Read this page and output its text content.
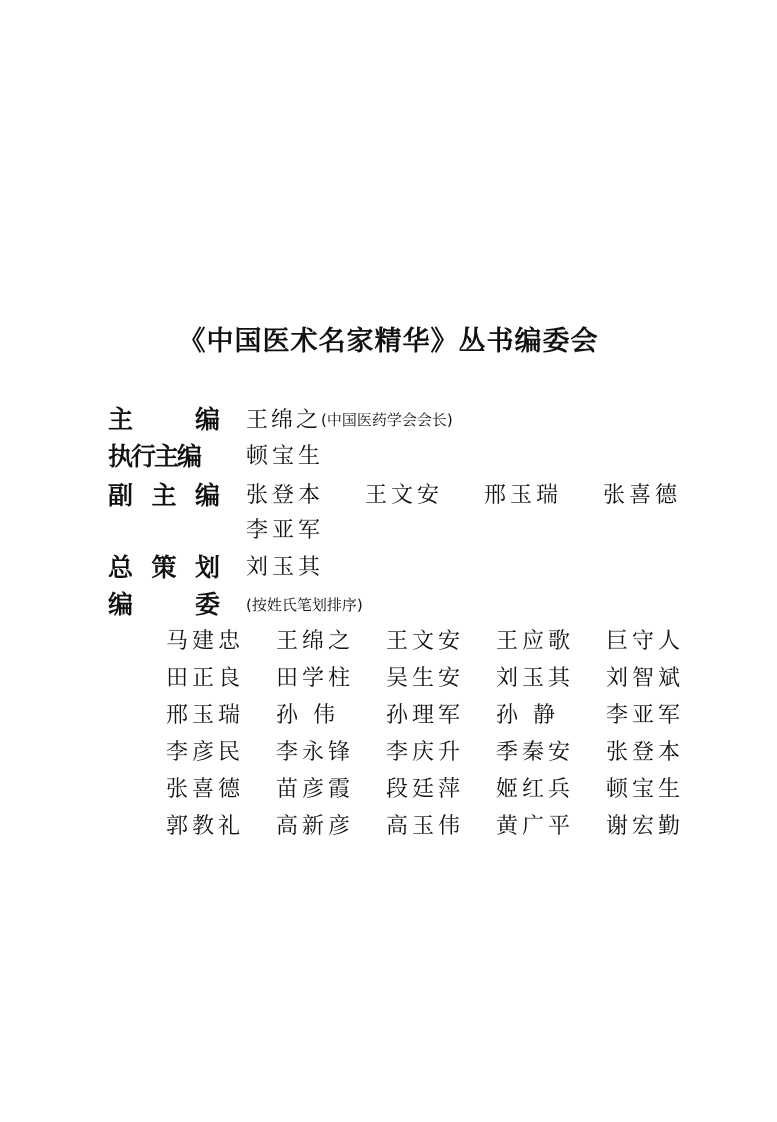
《中国医术名家精华》丛书编委会
主 编 王绵之(中国医药学会会长)
执行主编 顿宝生
副 主 编 张登本 王文安 邢玉瑞 张喜德
李亚军
总 策 划 刘玉其
编 委 (按姓氏笔划排序)
马建忠	王绵之	王文安	王应歌	巨守人
田正良	田学柱	吴生安	刘玉其	刘智斌
邢玉瑞	孙 伟	孙理军	孙 静	李亚军
李彦民	李永锋	李庆升	季秦安	张登本
张喜德	苗彦霞	段廷萍	姬红兵	顿宝生
郭教礼	高新彦	高玉伟	黄广平	谢宏勤
